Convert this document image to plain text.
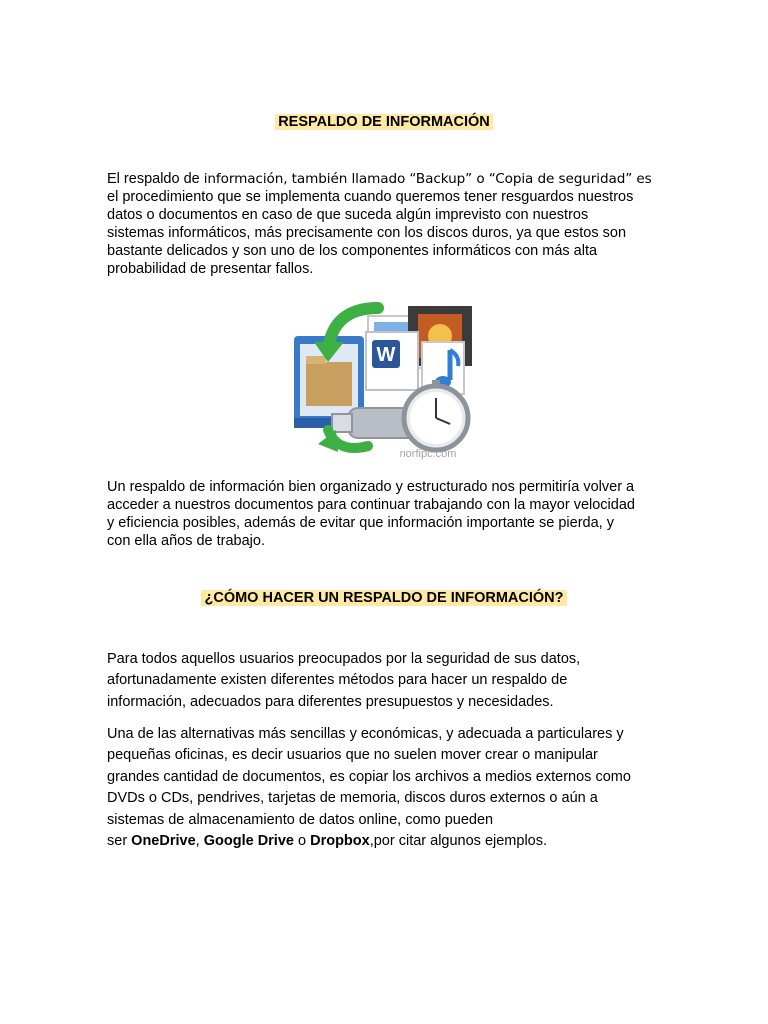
RESPALDO DE INFORMACIÓN

El respaldo de información, también llamado “Backup” o “Copia de seguridad” es
el procedimiento que se implementa cuando queremos tener resguardos nuestros
datos o documentos en caso de que suceda algún imprevisto con nuestros
sistemas informáticos, más precisamente con los discos duros, ya que estos son
bastante delicados y son uno de los componentes informáticos con más alta
probabilidad de presentar fallos.

W
norfipc.com

Un respaldo de información bien organizado y estructurado nos permitiría volver a
acceder a nuestros documentos para continuar trabajando con la mayor velocidad
y eficiencia posibles, además de evitar que información importante se pierda, y
con ella años de trabajo.

¿CÓMO HACER UN RESPALDO DE INFORMACIÓN?

Para todos aquellos usuarios preocupados por la seguridad de sus datos,
afortunadamente existen diferentes métodos para hacer un respaldo de
información, adecuados para diferentes presupuestos y necesidades.

Una de las alternativas más sencillas y económicas, y adecuada a particulares y
pequeñas oficinas, es decir usuarios que no suelen mover crear o manipular
grandes cantidad de documentos, es copiar los archivos a medios externos como
DVDs o CDs, pendrives, tarjetas de memoria, discos duros externos o aún a
sistemas de almacenamiento de datos online, como pueden
ser OneDrive, Google Drive o Dropbox,por citar algunos ejemplos.
